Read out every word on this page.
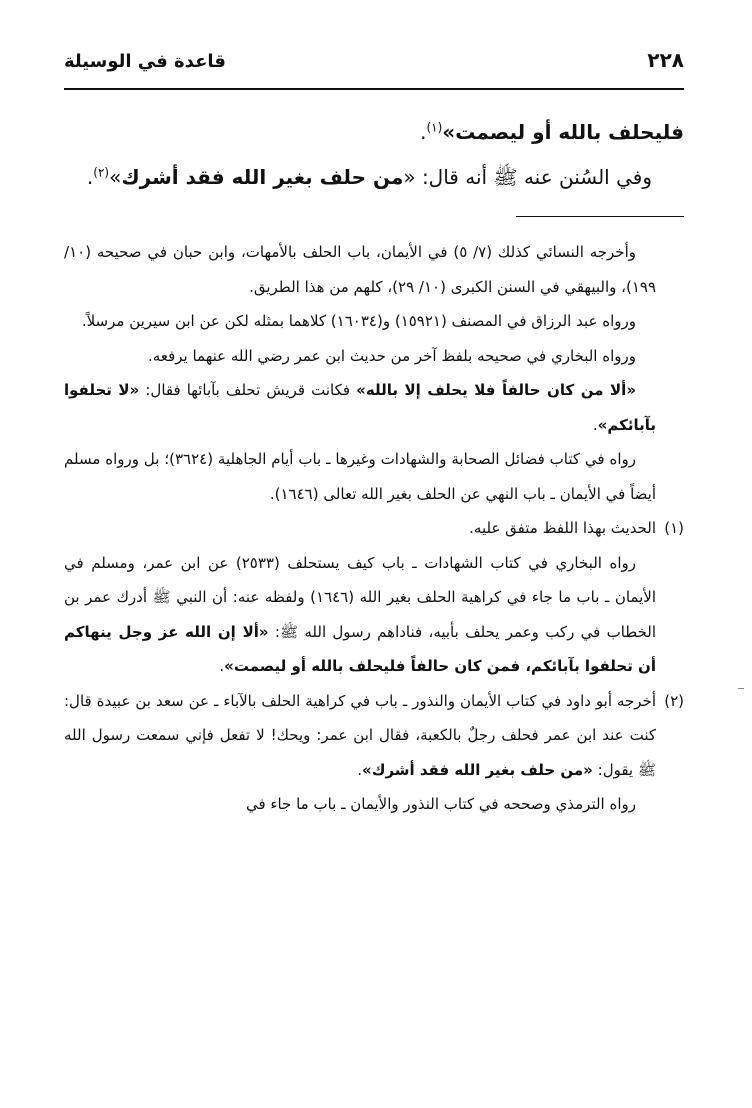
٢٢٨
قاعدة في الوسيلة

فليحلف بالله أو ليصمت»$^{(١)}$.

وفي السُنن عنه ﷺ أنه قال: «من حلف بغير الله فقد أشرك»$^{(٢)}$.

وأخرجه النسائي كذلك (٧/ ٥) في الأيمان، باب الحلف بالأمهات، وابن حبان في صحيحه (١٠/ ١٩٩)، والبيهقي في السنن الكبرى (١٠/ ٢٩)، كلهم من هذا الطريق.

ورواه عبد الرزاق في المصنف (١٥٩٢١) و(١٦٠٣٤) كلاهما بمثله لكن عن ابن سيرين مرسلاً.

ورواه البخاري في صحيحه بلفظ آخر من حديث ابن عمر رضي الله عنهما يرفعه.

«ألا من كان حالفاً فلا يحلف إلا بالله» فكانت قريش تحلف بآبائها فقال: «لا تحلفوا بآبائكم».

رواه في كتاب فضائل الصحابة والشهادات وغيرها ـ باب أيام الجاهلية (٣٦٢٤)؛ بل ورواه مسلم أيضاً في الأيمان ـ باب النهي عن الحلف بغير الله تعالى (١٦٤٦).

(١)الحديث بهذا اللفظ متفق عليه.

رواه البخاري في كتاب الشهادات ـ باب كيف يستحلف (٢٥٣٣) عن ابن عمر، ومسلم في الأيمان ـ باب ما جاء في كراهية الحلف بغير الله (١٦٤٦) ولفظه عنه: أن النبي ﷺ أدرك عمر بن الخطاب في ركب وعمر يحلف بأبيه، فناداهم رسول الله ﷺ: «ألا إن الله عز وجل ينهاكم أن تحلفوا بآبائكم، فمن كان حالفاً فليحلف بالله أو ليصمت».

(٢)أخرجه أبو داود في كتاب الأيمان والنذور ـ باب في كراهية الحلف بالآباء ـ عن سعد بن عبيدة قال: كنت عند ابن عمر فحلف رجلٌ بالكعبة، فقال ابن عمر: ويحك! لا تفعل فإني سمعت رسول الله ﷺ يقول: «من حلف بغير الله فقد أشرك».

رواه الترمذي وصححه في كتاب النذور والأيمان ـ باب ما جاء في
